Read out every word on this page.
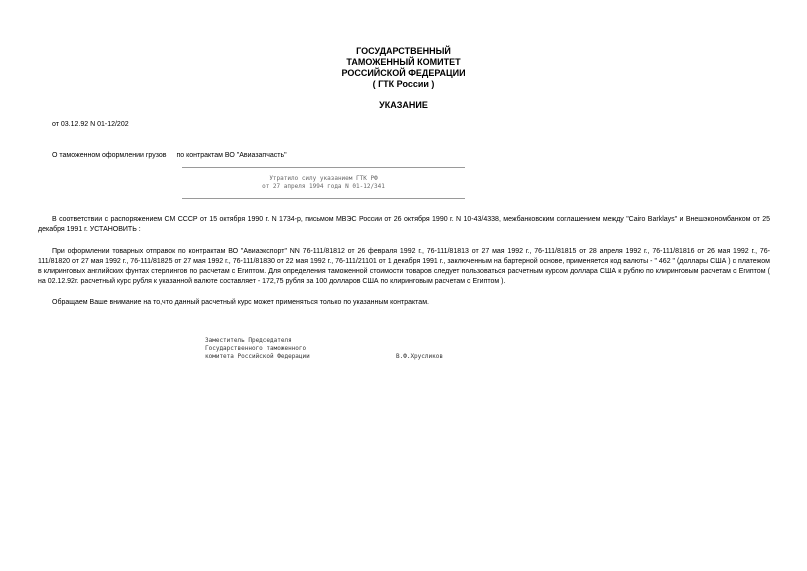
ГОСУДАРСТВЕННЫЙ
ТАМОЖЕННЫЙ КОМИТЕТ
РОССИЙСКОЙ ФЕДЕРАЦИИ
( ГТК России )
УКАЗАНИЕ
от 03.12.92 N 01-12/202
О таможенном оформлении грузов по контрактам ВО "Авиазапчасть"
Утратило силу указанием ГТК РФ
от 27 апреля 1994 года N 01-12/341
В соответствии с распоряжением СМ СССР от 15 октября 1990 г. N 1734-р, письмом МВЭС России от 26 октября 1990 г. N 10-43/4338, межбанковским соглашением между "Cairo Barklays" и Внешэкономбанком от 25 декабря 1991 г. УСТАНОВИТЬ :
При оформлении товарных отправок по контрактам ВО "Авиаэкспорт" NN 76-111/81812 от 26 февраля 1992 г., 76-111/81813 от 27 мая 1992 г., 76-111/81815 от 28 апреля 1992 г., 76-111/81816 от 26 мая 1992 г., 76-111/81820 от 27 мая 1992 г., 76-111/81825 от 27 мая 1992 г., 76-111/81830 от 22 мая 1992 г., 76-111/21101 от 1 декабря 1991 г., заключенным на бартерной основе, применяется код валюты - " 462 " (доллары США ) с платежом в клиринговых английских фунтах стерлингов по расчетам с Египтом. Для определения таможенной стоимости товаров следует пользоваться расчетным курсом доллара США к рублю по клиринговым расчетам с Египтом ( на 02.12.92г. расчетный курс рубля к указанной валюте составляет - 172,75 рубля за 100 долларов США по клиринговым расчетам с Египтом ).
Обращаем Ваше внимание на то,что данный расчетный курс может применяться только по указанным контрактам.
Заместитель Председателя
Государственного таможенного
комитета Российской Федерации	В.Ф.Хрусликов
